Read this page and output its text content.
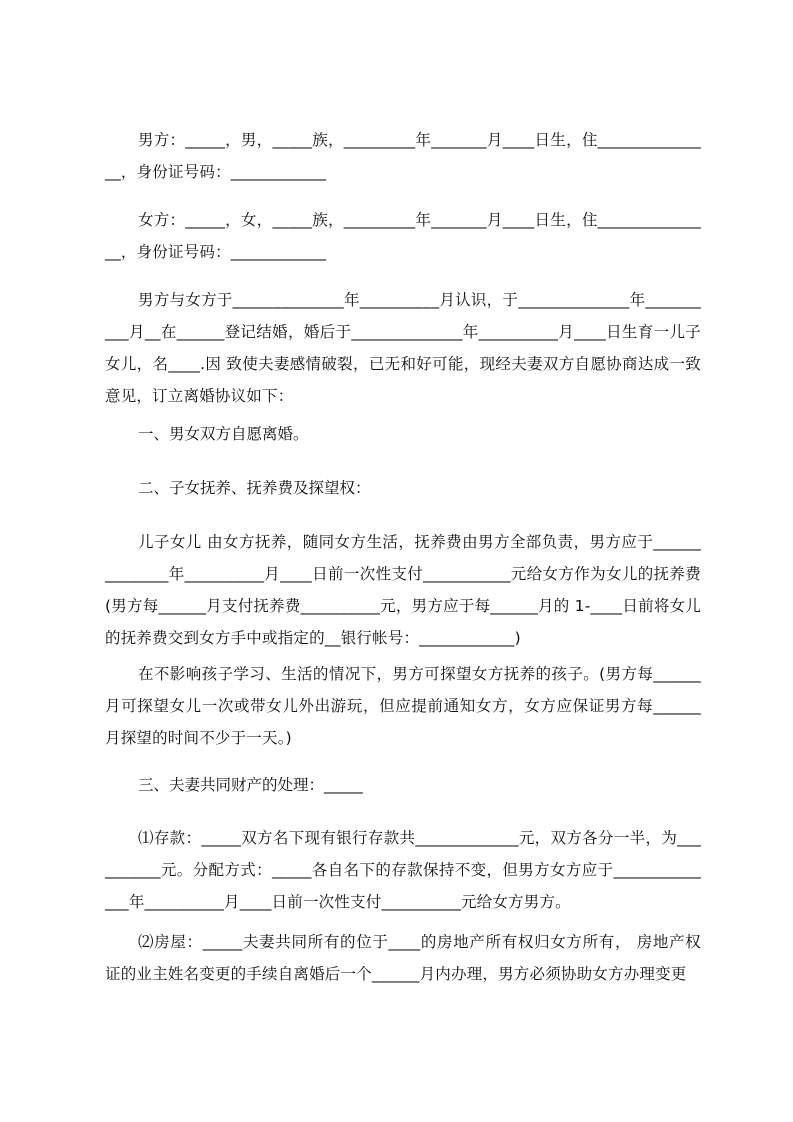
男方：_____，男，_____族，_________年_______月____日生，住_______________，身份证号码：____________

女方：_____，女，_____族，_________年_______月____日生，住_______________，身份证号码：____________

男方与女方于______________年__________月认识，于______________年__________月__在______登记结婚，婚后于______________年__________月____日生育一儿子女儿，名____.因 致使夫妻感情破裂，已无和好可能，现经夫妻双方自愿协商达成一致意见，订立离婚协议如下：

一、男女双方自愿离婚。

二、子女抚养、抚养费及探望权：

儿子女儿 由女方抚养，随同女方生活，抚养费由男方全部负责，男方应于______________年__________月____日前一次性支付___________元给女方作为女儿的抚养费(男方每______月支付抚养费__________元，男方应于每______月的 1-____日前将女儿的抚养费交到女方手中或指定的__银行帐号：____________)

在不影响孩子学习、生活的情况下，男方可探望女方抚养的孩子。(男方每______月可探望女儿一次或带女儿外出游玩，但应提前通知女方，女方应保证男方每______月探望的时间不少于一天。)

三、夫妻共同财产的处理：_____

⑴存款：_____双方名下现有银行存款共_____________元，双方各分一半，为__________元。分配方式：_____各自名下的存款保持不变，但男方女方应于______________年__________月____日前一次性支付__________元给女方男方。

⑵房屋：_____夫妻共同所有的位于____的房地产所有权归女方所有， 房地产权证的业主姓名变更的手续自离婚后一个______月内办理，男方必须协助女方办理变更
